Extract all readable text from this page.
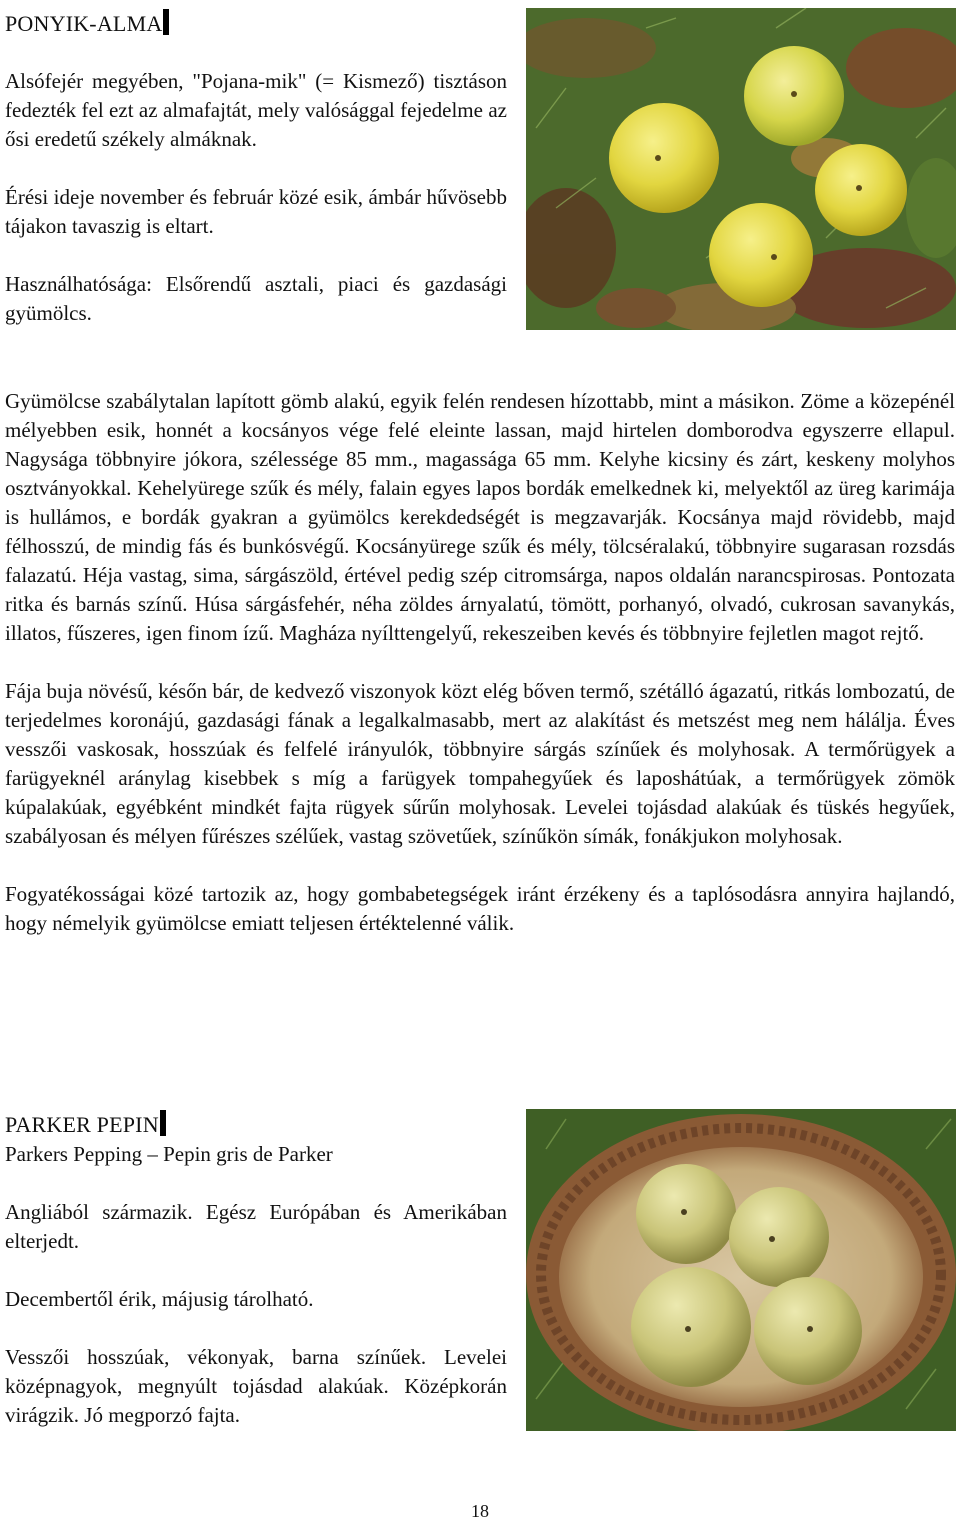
PONYIK-ALMA

Alsófejér megyében, "Pojana-mik" (= Kismező) tisztáson fedezték fel ezt az almafajtát, mely valósággal fejedelme az ősi eredetű székely almáknak.

Érési ideje november és február közé esik, ámbár hűvösebb tájakon tavaszig is eltart.

Használhatósága: Elsőrendű asztali, piaci és gazdasági gyümölcs.

Gyümölcse szabálytalan lapított gömb alakú, egyik felén rendesen hízottabb, mint a másikon. Zöme a közepénél mélyebben esik, honnét a kocsányos vége felé eleinte lassan, majd hirtelen domborodva egyszerre ellapul. Nagysága többnyire jókora, szélessége 85 mm., magassága 65 mm. Kelyhe kicsiny és zárt, keskeny molyhos osztványokkal. Kehelyürege szűk és mély, falain egyes lapos bordák emelkednek ki, melyektől az üreg karimája is hullámos, e bordák gyakran a gyümölcs kerekdedségét is megzavarják. Kocsánya majd rövidebb, majd félhosszú, de mindig fás és bunkósvégű. Kocsányürege szűk és mély, tölcséralakú, többnyire sugarasan rozsdás falazatú. Héja vastag, sima, sárgászöld, értével pedig szép citromsárga, napos oldalán narancspirosas. Pontozata ritka és barnás színű. Húsa sárgásfehér, néha zöldes árnyalatú, tömött, porhanyó, olvadó, cukrosan savanykás, illatos, fűszeres, igen finom ízű. Magháza nyílttengelyű, rekeszeiben kevés és többnyire fejletlen magot rejtő.

Fája buja növésű, későn bár, de kedvező viszonyok közt elég bőven termő, szétálló ágazatú, ritkás lombozatú, de terjedelmes koronájú, gazdasági fának a legalkalmasabb, mert az alakítást és metszést meg nem hálálja. Éves vesszői vaskosak, hosszúak és felfelé irányulók, többnyire sárgás színűek és molyhosak. A termőrügyek a farügyeknél aránylag kisebbek s míg a farügyek tompahegyűek és laposhátúak, a termőrügyek zömök kúpalakúak, egyébként mindkét fajta rügyek sűrűn molyhosak. Levelei tojásdad alakúak és tüskés hegyűek, szabályosan és mélyen fűrészes szélűek, vastag szövetűek, színűkön símák, fonákjukon molyhosak.

Fogyatékosságai közé tartozik az, hogy gombabetegségek iránt érzékeny és a taplósodásra annyira hajlandó, hogy némelyik gyümölcse emiatt teljesen értéktelenné válik.

PARKER PEPIN
Parkers Pepping – Pepin gris de Parker

Angliából származik. Egész Európában és Amerikában elterjedt.

Decembertől érik, májusig tárolható.

Vesszői hosszúak, vékonyak, barna színűek. Levelei középnagyok, megnyúlt tojásdad alakúak. Középkorán virágzik. Jó megporzó fajta.

18
